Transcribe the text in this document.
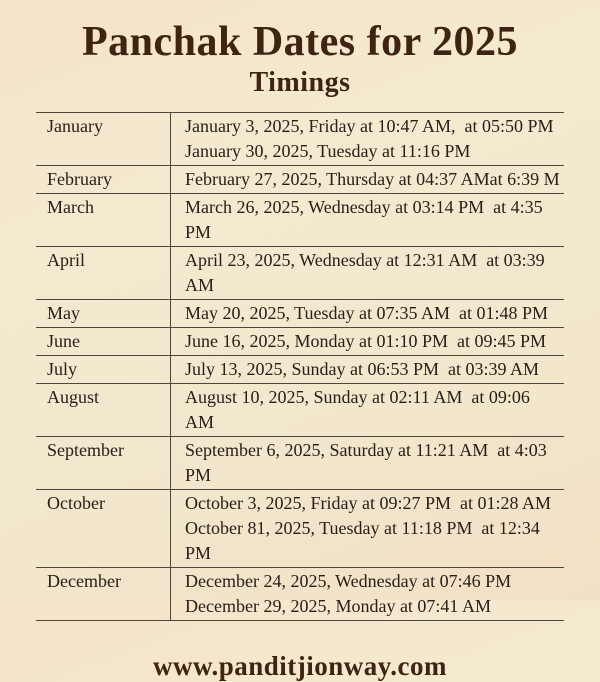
Panchak Dates for 2025
Timings
January	January 3, 2025, Friday at 10:47 AM,  at 05:50 PM
January 30, 2025, Tuesday at 11:16 PM
February	February 27, 2025, Thursday at 04:37 AMat 6:39 M
March	March 26, 2025, Wednesday at 03:14 PM  at 4:35 PM
April	April 23, 2025, Wednesday at 12:31 AM  at 03:39 AM
May	May 20, 2025, Tuesday at 07:35 AM  at 01:48 PM
June	June 16, 2025, Monday at 01:10 PM  at 09:45 PM
July	July 13, 2025, Sunday at 06:53 PM  at 03:39 AM
August	August 10, 2025, Sunday at 02:11 AM  at 09:06 AM
September	September 6, 2025, Saturday at 11:21 AM  at 4:03 PM
October	October 3, 2025, Friday at 09:27 PM  at 01:28 AM
October 81, 2025, Tuesday at 11:18 PM  at 12:34 PM
December	December 24, 2025, Wednesday at 07:46 PM
December 29, 2025, Monday at 07:41 AM
www.panditjionway.com
